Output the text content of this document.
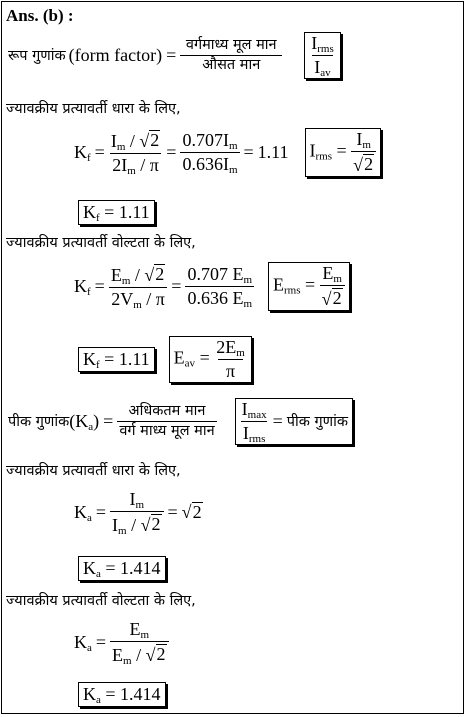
Ans. (b) :
रूप गुणांक (form factor) =
वर्गमाध्य मूल मान
औसत मान
$I_{rms}$
$I_{av}$
ज्यावक्रीय प्रत्यावर्ती धारा के लिए,
$K_f = \frac{I_m / √ 2}{2I_m / \pi} = \frac{0.707I_m}{0.636I_m} = 1.11$ $I_{rms} = \frac{I_m}{√ 2}$
$K_f = 1.11$
ज्यावक्रीय प्रत्यावर्ती वोल्टता के लिए,
$K_f = \frac{E_m / √ 2}{2V_m / \pi} = \frac{0.707 E_m}{0.636 E_m} E_{rms} = \frac{E_m}{√ 2}$
$K_f = 1.11$ $E_{av} = \frac{2E_m}{\pi}$
पीक गुणांक $(K_a)$ =
अधिकतम मान
वर्ग माध्य मूल मान
$I_{max}$
$I_{rms}$
= पीक गुणांक
ज्यावक्रीय प्रत्यावर्ती धारा के लिए,
$K_a = \frac{I_m}{I_m / √ 2}$ = √ 2
$K_a = 1.414$
ज्यावक्रीय प्रत्यावर्ती वोल्टता के लिए,
$K_a = \frac{E_m}{E_m / √ 2}$
$K_a = 1.414$
